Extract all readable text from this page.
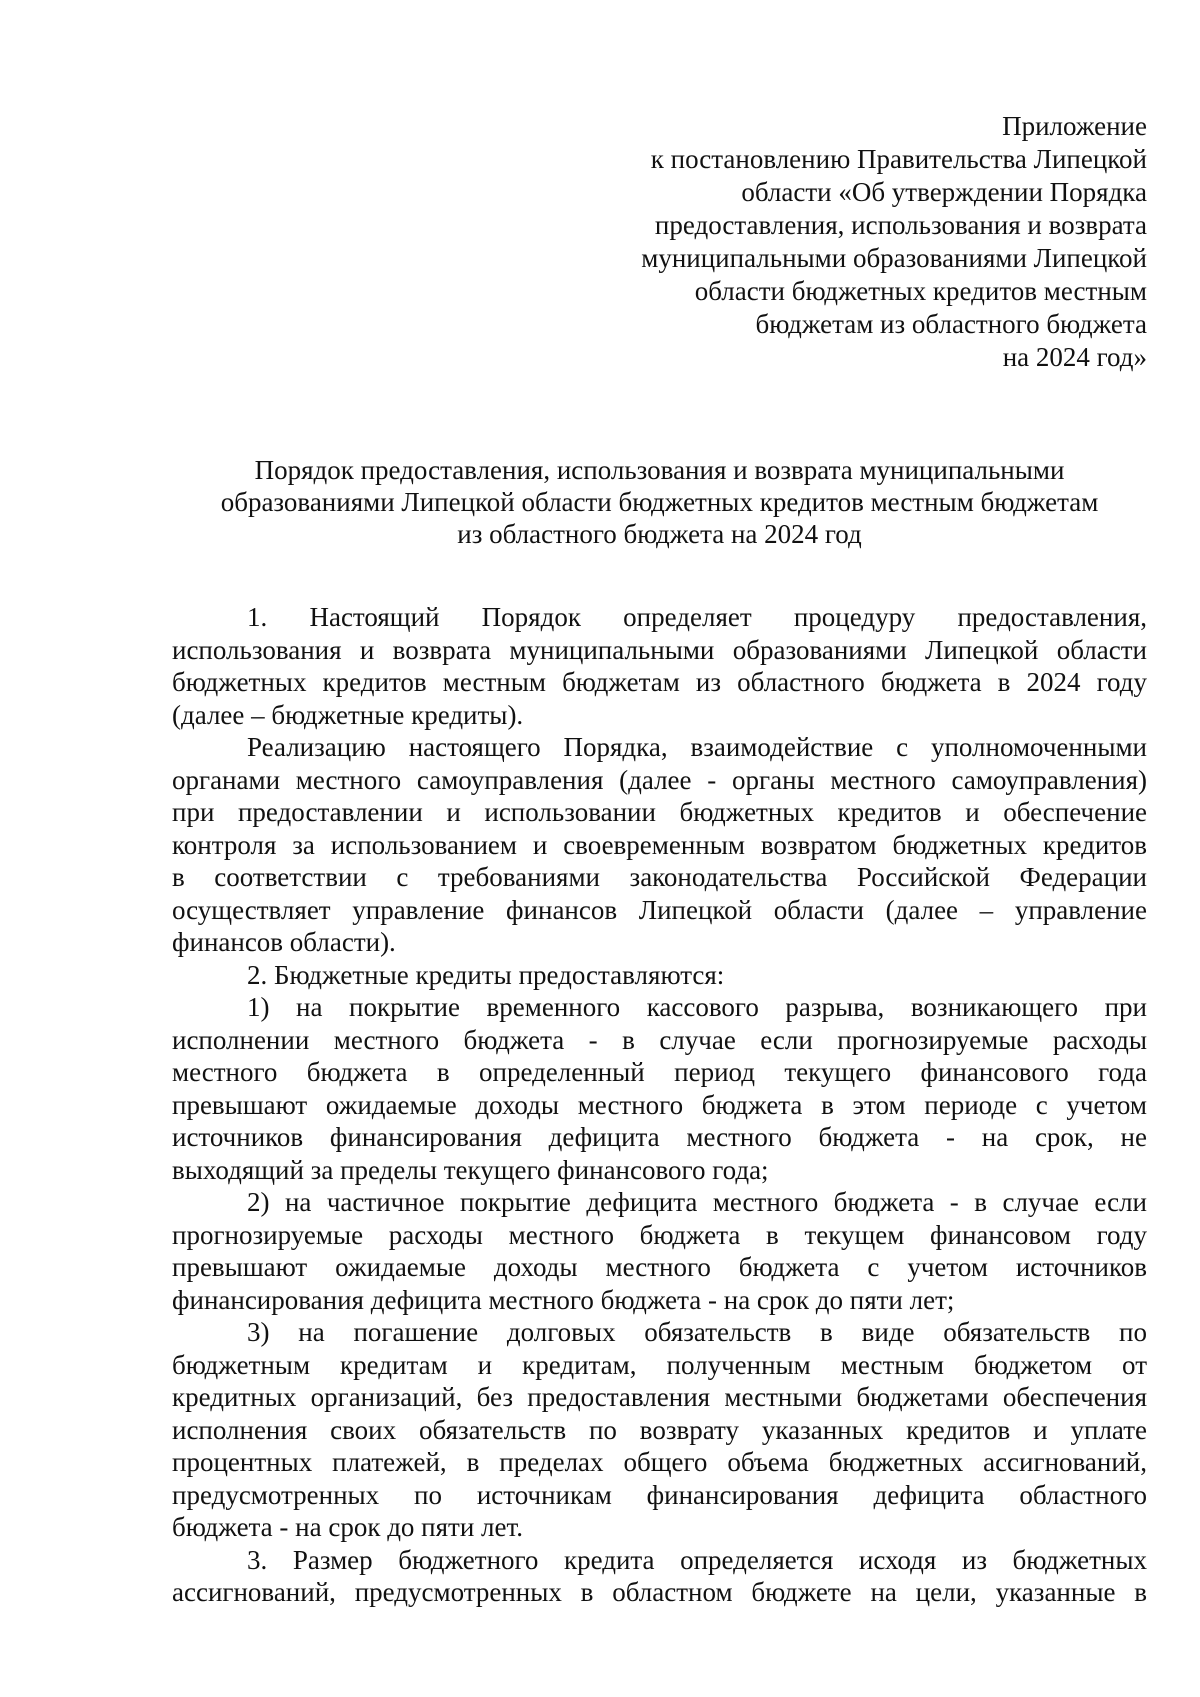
Приложение
к постановлению Правительства Липецкой
области «Об утверждении Порядка
предоставления, использования и возврата
муниципальными образованиями Липецкой
области бюджетных кредитов местным
бюджетам из областного бюджета
на 2024 год»
Порядок предоставления, использования и возврата муниципальными
образованиями Липецкой области бюджетных кредитов местным бюджетам
из областного бюджета на 2024 год
1. Настоящий Порядок определяет процедуру предоставления,
использования и возврата муниципальными образованиями Липецкой области
бюджетных кредитов местным бюджетам из областного бюджета в 2024 году
(далее – бюджетные кредиты).
Реализацию настоящего Порядка, взаимодействие с уполномоченными
органами местного самоуправления (далее - органы местного самоуправления)
при предоставлении и использовании бюджетных кредитов и обеспечение
контроля за использованием и своевременным возвратом бюджетных кредитов
в соответствии с требованиями законодательства Российской Федерации
осуществляет управление финансов Липецкой области (далее – управление
финансов области).
2. Бюджетные кредиты предоставляются:
1) на покрытие временного кассового разрыва, возникающего при
исполнении местного бюджета - в случае если прогнозируемые расходы
местного бюджета в определенный период текущего финансового года
превышают ожидаемые доходы местного бюджета в этом периоде с учетом
источников финансирования дефицита местного бюджета - на срок, не
выходящий за пределы текущего финансового года;
2) на частичное покрытие дефицита местного бюджета - в случае если
прогнозируемые расходы местного бюджета в текущем финансовом году
превышают ожидаемые доходы местного бюджета с учетом источников
финансирования дефицита местного бюджета - на срок до пяти лет;
3) на погашение долговых обязательств в виде обязательств по
бюджетным кредитам и кредитам, полученным местным бюджетом от
кредитных организаций, без предоставления местными бюджетами обеспечения
исполнения своих обязательств по возврату указанных кредитов и уплате
процентных платежей, в пределах общего объема бюджетных ассигнований,
предусмотренных по источникам финансирования дефицита областного
бюджета - на срок до пяти лет.
3. Размер бюджетного кредита определяется исходя из бюджетных
ассигнований, предусмотренных в областном бюджете на цели, указанные в
